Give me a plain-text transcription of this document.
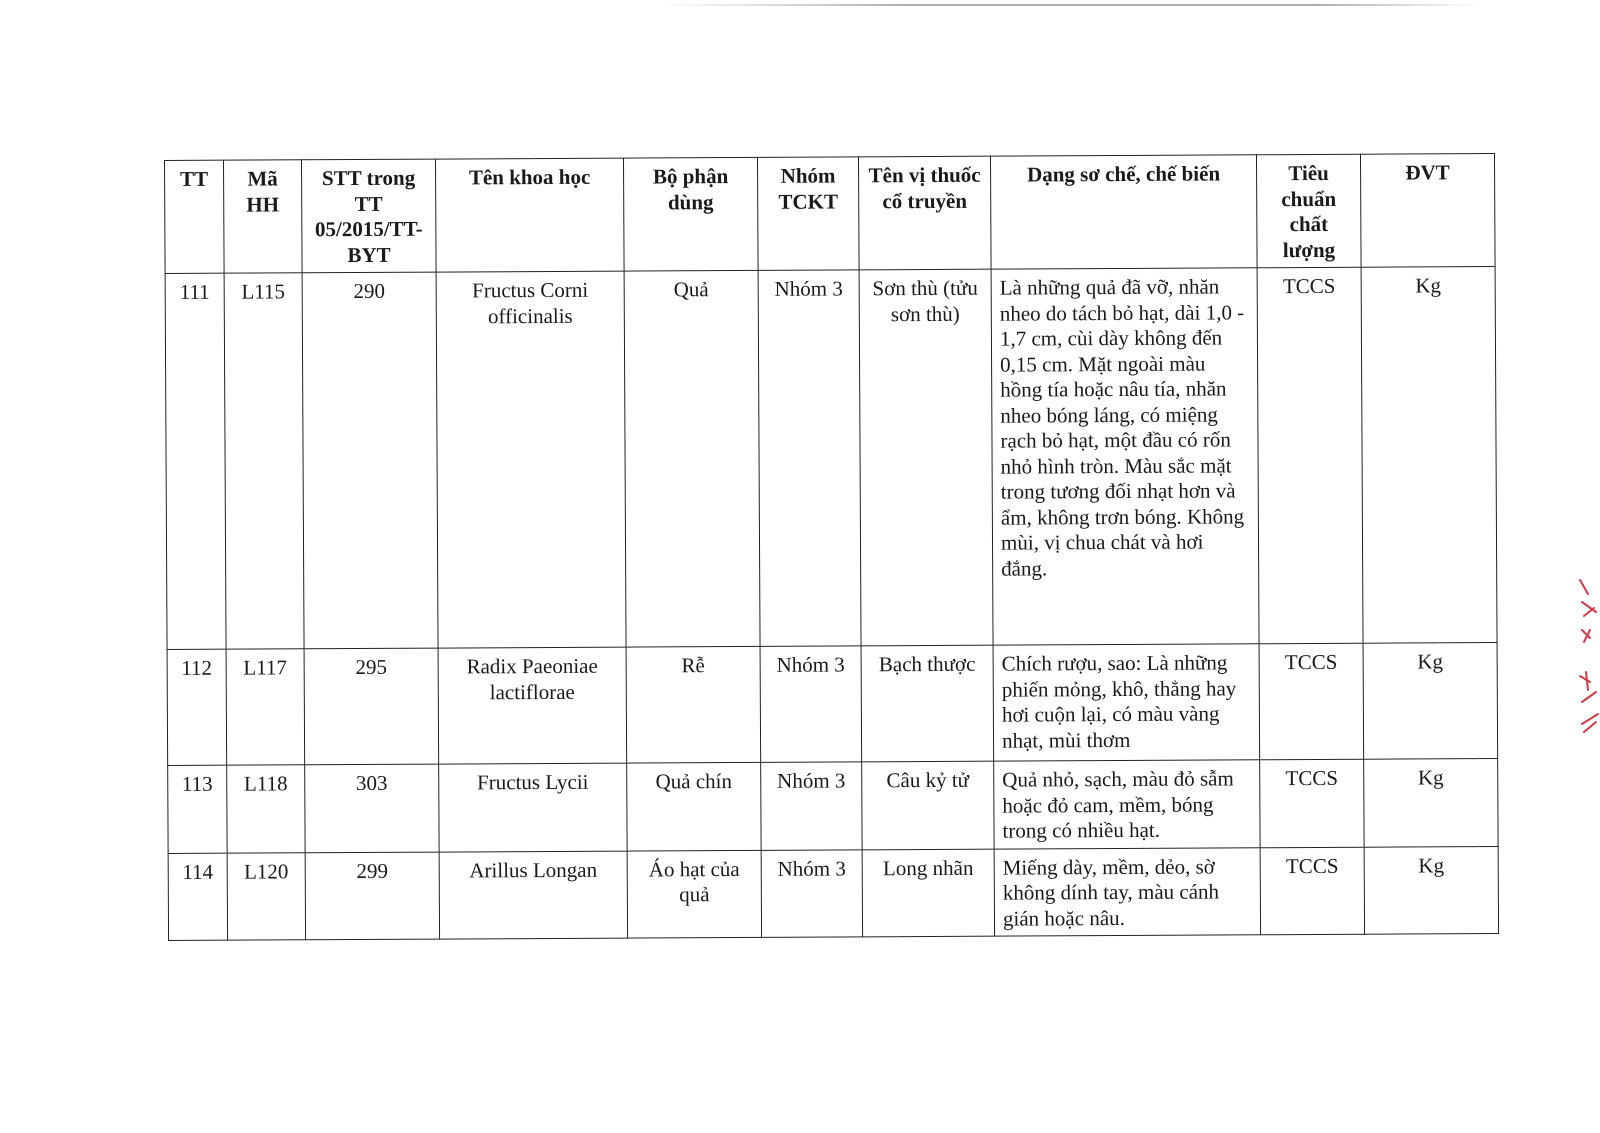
TT	Mã HH	STT trong TT 05/2015/TT-BYT	Tên khoa học	Bộ phận dùng	Nhóm TCKT	Tên vị thuốc cổ truyền	Dạng sơ chế, chế biến	Tiêu chuẩn chất lượng	ĐVT
111	L115	290	Fructus Corni officinalis	Quả	Nhóm 3	Sơn thù (tửu sơn thù)	Là những quả đã vỡ, nhăn nheo do tách bỏ hạt, dài 1,0 - 1,7 cm, cùi dày không đến 0,15 cm. Mặt ngoài màu hồng tía hoặc nâu tía, nhăn nheo bóng láng, có miệng rạch bỏ hạt, một đầu có rốn nhỏ hình tròn. Màu sắc mặt trong tương đối nhạt hơn và ẩm, không trơn bóng. Không mùi, vị chua chát và hơi đắng.	TCCS	Kg
112	L117	295	Radix Paeoniae lactiflorae	Rễ	Nhóm 3	Bạch thược	Chích rượu, sao: Là những phiến mỏng, khô, thẳng hay hơi cuộn lại, có màu vàng nhạt, mùi thơm	TCCS	Kg
113	L118	303	Fructus Lycii	Quả chín	Nhóm 3	Câu kỷ tử	Quả nhỏ, sạch, màu đỏ sẫm hoặc đỏ cam, mềm, bóng trong có nhiều hạt.	TCCS	Kg
114	L120	299	Arillus Longan	Áo hạt của quả	Nhóm 3	Long nhãn	Miếng dày, mềm, dẻo, sờ không dính tay, màu cánh gián hoặc nâu.	TCCS	Kg
